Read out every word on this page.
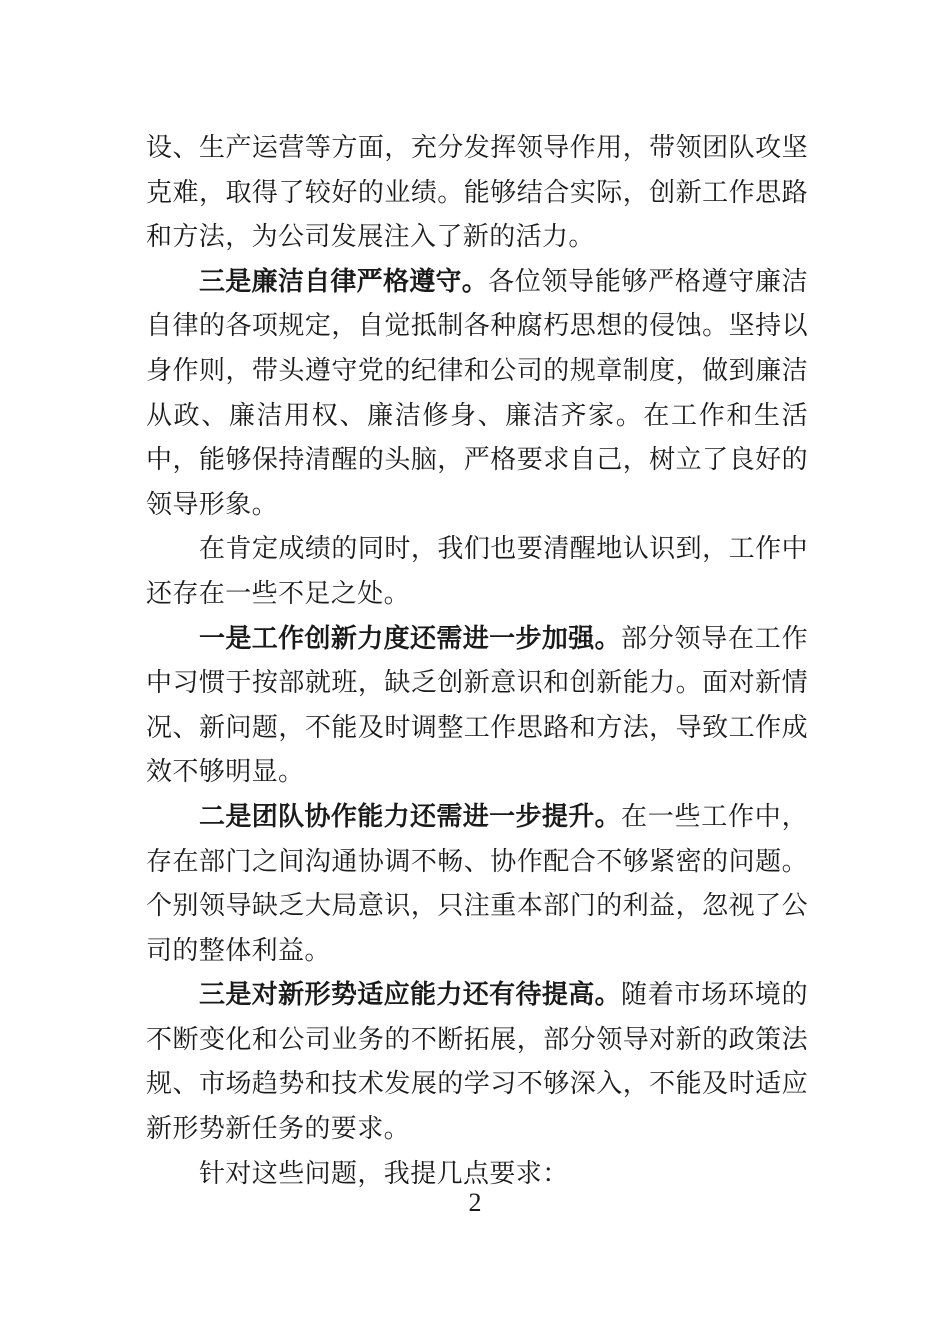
设、生产运营等方面，充分发挥领导作用，带领团队攻坚克难，取得了较好的业绩。能够结合实际，创新工作思路和方法，为公司发展注入了新的活力。

三是廉洁自律严格遵守。各位领导能够严格遵守廉洁自律的各项规定，自觉抵制各种腐朽思想的侵蚀。坚持以身作则，带头遵守党的纪律和公司的规章制度，做到廉洁从政、廉洁用权、廉洁修身、廉洁齐家。在工作和生活中，能够保持清醒的头脑，严格要求自己，树立了良好的领导形象。

在肯定成绩的同时，我们也要清醒地认识到，工作中还存在一些不足之处。

一是工作创新力度还需进一步加强。部分领导在工作中习惯于按部就班，缺乏创新意识和创新能力。面对新情况、新问题，不能及时调整工作思路和方法，导致工作成效不够明显。

二是团队协作能力还需进一步提升。在一些工作中，存在部门之间沟通协调不畅、协作配合不够紧密的问题。个别领导缺乏大局意识，只注重本部门的利益，忽视了公司的整体利益。

三是对新形势适应能力还有待提高。随着市场环境的不断变化和公司业务的不断拓展，部分领导对新的政策法规、市场趋势和技术发展的学习不够深入，不能及时适应新形势新任务的要求。

针对这些问题，我提几点要求：

2
